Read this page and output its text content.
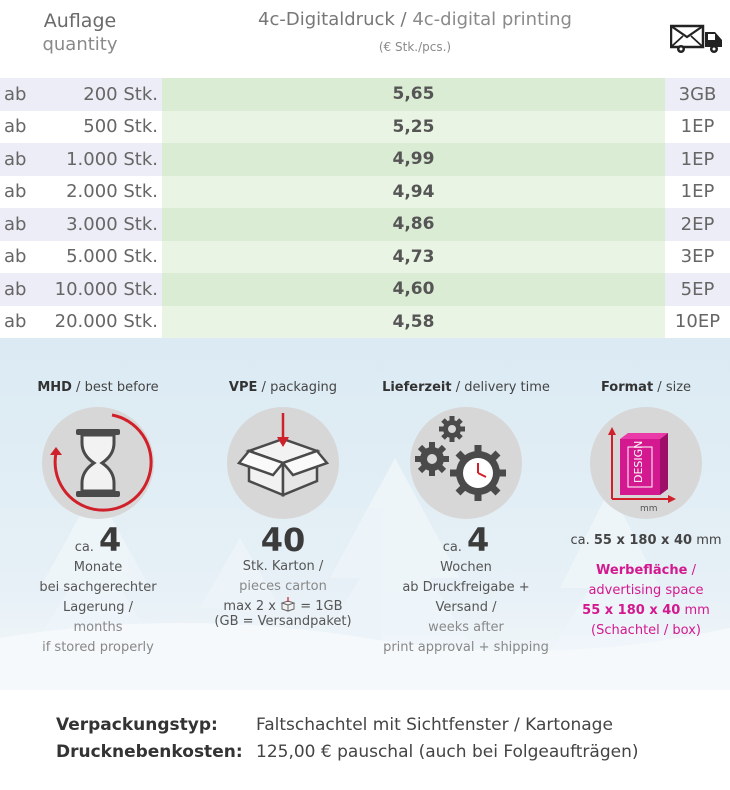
Auflage
quantity
4c-Digitaldruck / 4c-digital printing
(€ Stk./pcs.)
ab	200 Stk.	5,65	3GB
ab	500 Stk.	5,25	1EP
ab	1.000 Stk.	4,99	1EP
ab	2.000 Stk.	4,94	1EP
ab	3.000 Stk.	4,86	2EP
ab	5.000 Stk.	4,73	3EP
ab	10.000 Stk.	4,60	5EP
ab	20.000 Stk.	4,58	10EP
MHD / best before
ca. 4
Monate
bei sachgerechter Lagerung /
months
if stored properly
VPE / packaging
40
Stk. Karton /
pieces carton
max 2 x = 1GB
(GB = Versandpaket)
Lieferzeit / delivery time
ca. 4
Wochen
ab Druckfreigabe + Versand /
weeks after
print approval + shipping
Format / size
DESIGN
mm
ca. 55 x 180 x 40 mm
Werbefläche /
advertising space
55 x 180 x 40 mm
(Schachtel / box)
Verpackungstyp: Faltschachtel mit Sichtfenster / Kartonage
Drucknebenkosten: 125,00 € pauschal (auch bei Folgeaufträgen)
